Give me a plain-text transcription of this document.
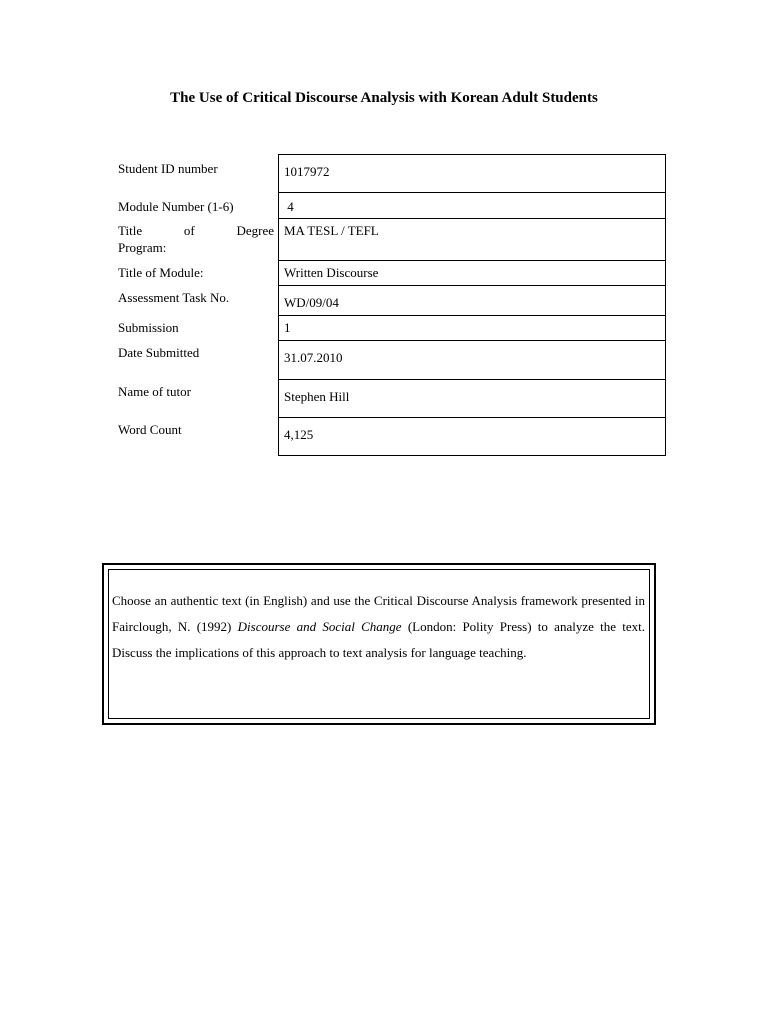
The Use of Critical Discourse Analysis with Korean Adult Students
Student ID number	1017972
Module Number (1-6)	4

Title of Degree
Program:	MA TESL / TEFL
Title of Module:	Written Discourse
Assessment Task No.	WD/09/04
Submission	1
Date Submitted	31.07.2010
Name of tutor	Stephen Hill
Word Count	4,125

Choose an authentic text (in English) and use the Critical Discourse Analysis framework presented in Fairclough, N. (1992) Discourse and Social Change (London: Polity Press) to analyze the text. Discuss the implications of this approach to text analysis for language teaching.
